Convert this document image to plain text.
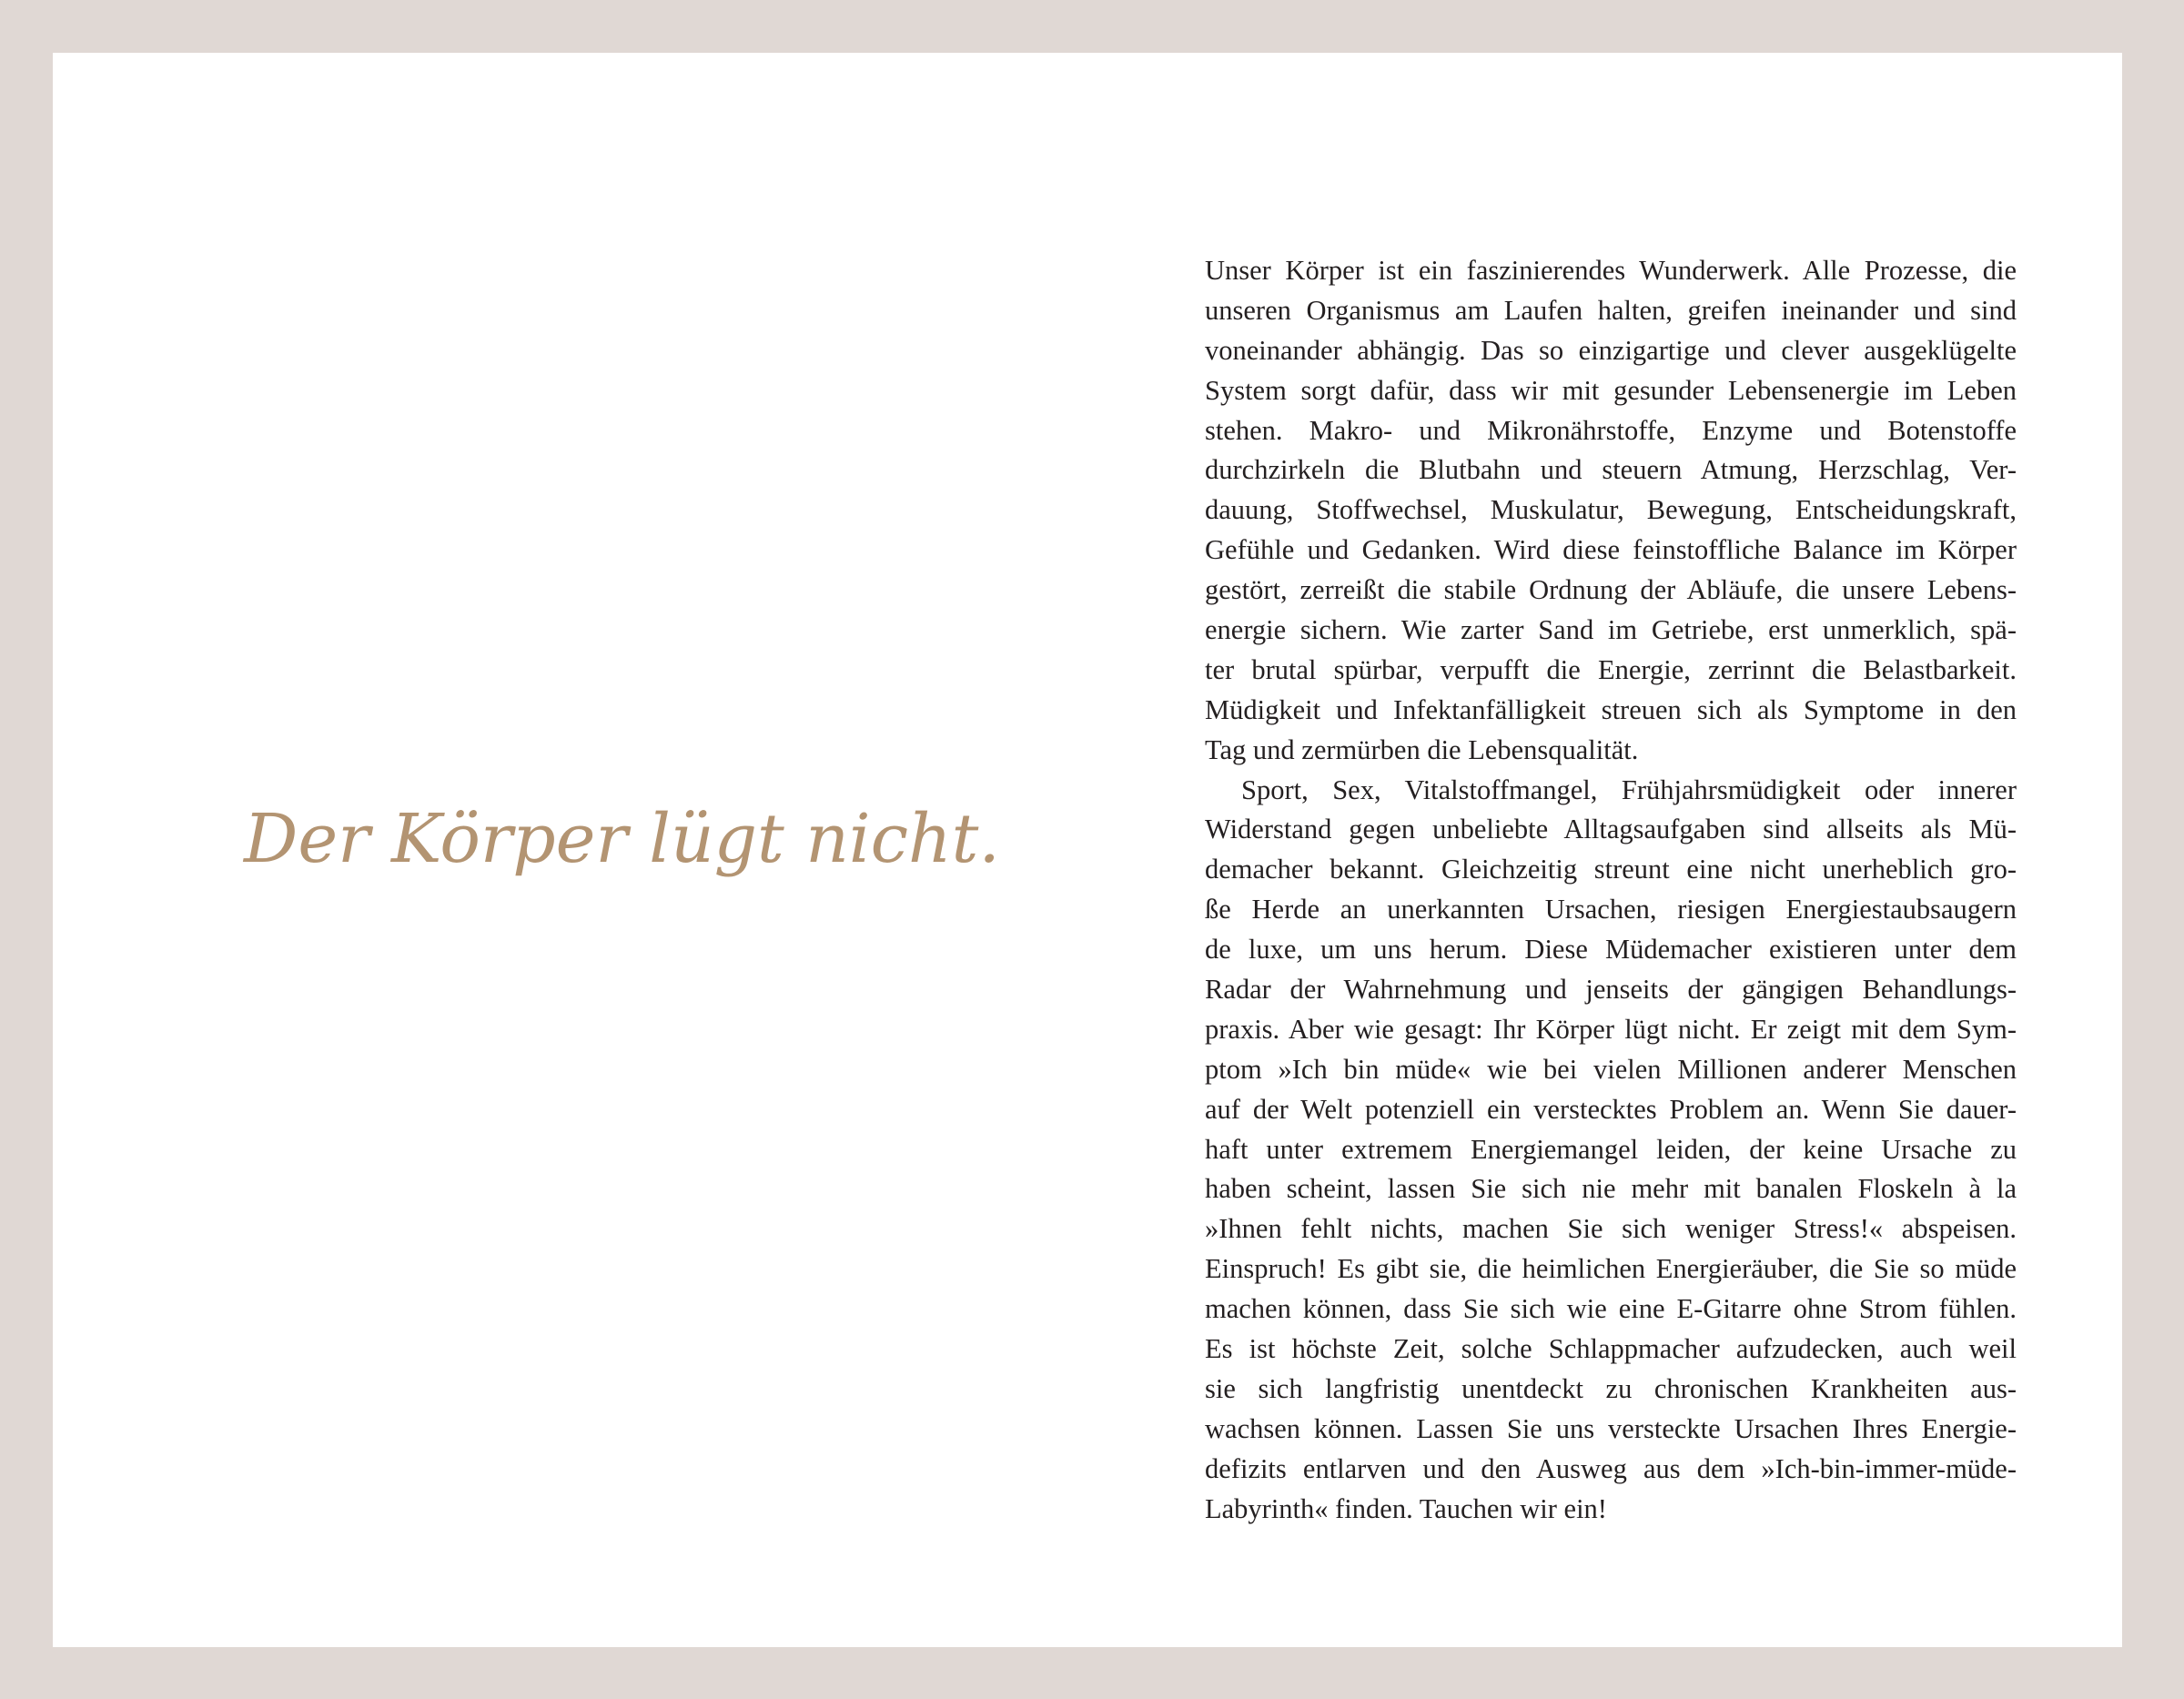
Der Körper lügt nicht.
Unser Körper ist ein faszinierendes Wunderwerk. Alle Prozesse, die
unseren Organismus am Laufen halten, greifen ineinander und sind
voneinander abhängig. Das so einzigartige und clever ausgeklügelte
System sorgt dafür, dass wir mit gesunder Lebensenergie im Leben
stehen. Makro- und Mikronährstoffe, Enzyme und Botenstoffe
durchzirkeln die Blutbahn und steuern Atmung, Herzschlag, Ver-
dauung, Stoffwechsel, Muskulatur, Bewegung, Entscheidungskraft,
Gefühle und Gedanken. Wird diese feinstoffliche Balance im Körper
gestört, zerreißt die stabile Ordnung der Abläufe, die unsere Lebens-
energie sichern. Wie zarter Sand im Getriebe, erst unmerklich, spä-
ter brutal spürbar, verpufft die Energie, zerrinnt die Belastbarkeit.
Müdigkeit und Infektanfälligkeit streuen sich als Symptome in den
Tag und zermürben die Lebensqualität.
Sport, Sex, Vitalstoffmangel, Frühjahrsmüdigkeit oder innerer
Widerstand gegen unbeliebte Alltagsaufgaben sind allseits als Mü-
demacher bekannt. Gleichzeitig streunt eine nicht unerheblich gro-
ße Herde an unerkannten Ursachen, riesigen Energiestaubsaugern
de luxe, um uns herum. Diese Müdemacher existieren unter dem
Radar der Wahrnehmung und jenseits der gängigen Behandlungs-
praxis. Aber wie gesagt: Ihr Körper lügt nicht. Er zeigt mit dem Sym-
ptom »Ich bin müde« wie bei vielen Millionen anderer Menschen
auf der Welt potenziell ein verstecktes Problem an. Wenn Sie dauer-
haft unter extremem Energiemangel leiden, der keine Ursache zu
haben scheint, lassen Sie sich nie mehr mit banalen Floskeln à la
»Ihnen fehlt nichts, machen Sie sich weniger Stress!« abspeisen.
Einspruch! Es gibt sie, die heimlichen Energieräuber, die Sie so müde
machen können, dass Sie sich wie eine E-Gitarre ohne Strom fühlen.
Es ist höchste Zeit, solche Schlappmacher aufzudecken, auch weil
sie sich langfristig unentdeckt zu chronischen Krankheiten aus-
wachsen können. Lassen Sie uns versteckte Ursachen Ihres Energie-
defizits entlarven und den Ausweg aus dem »Ich-bin-immer-müde-
Labyrinth« finden. Tauchen wir ein!
